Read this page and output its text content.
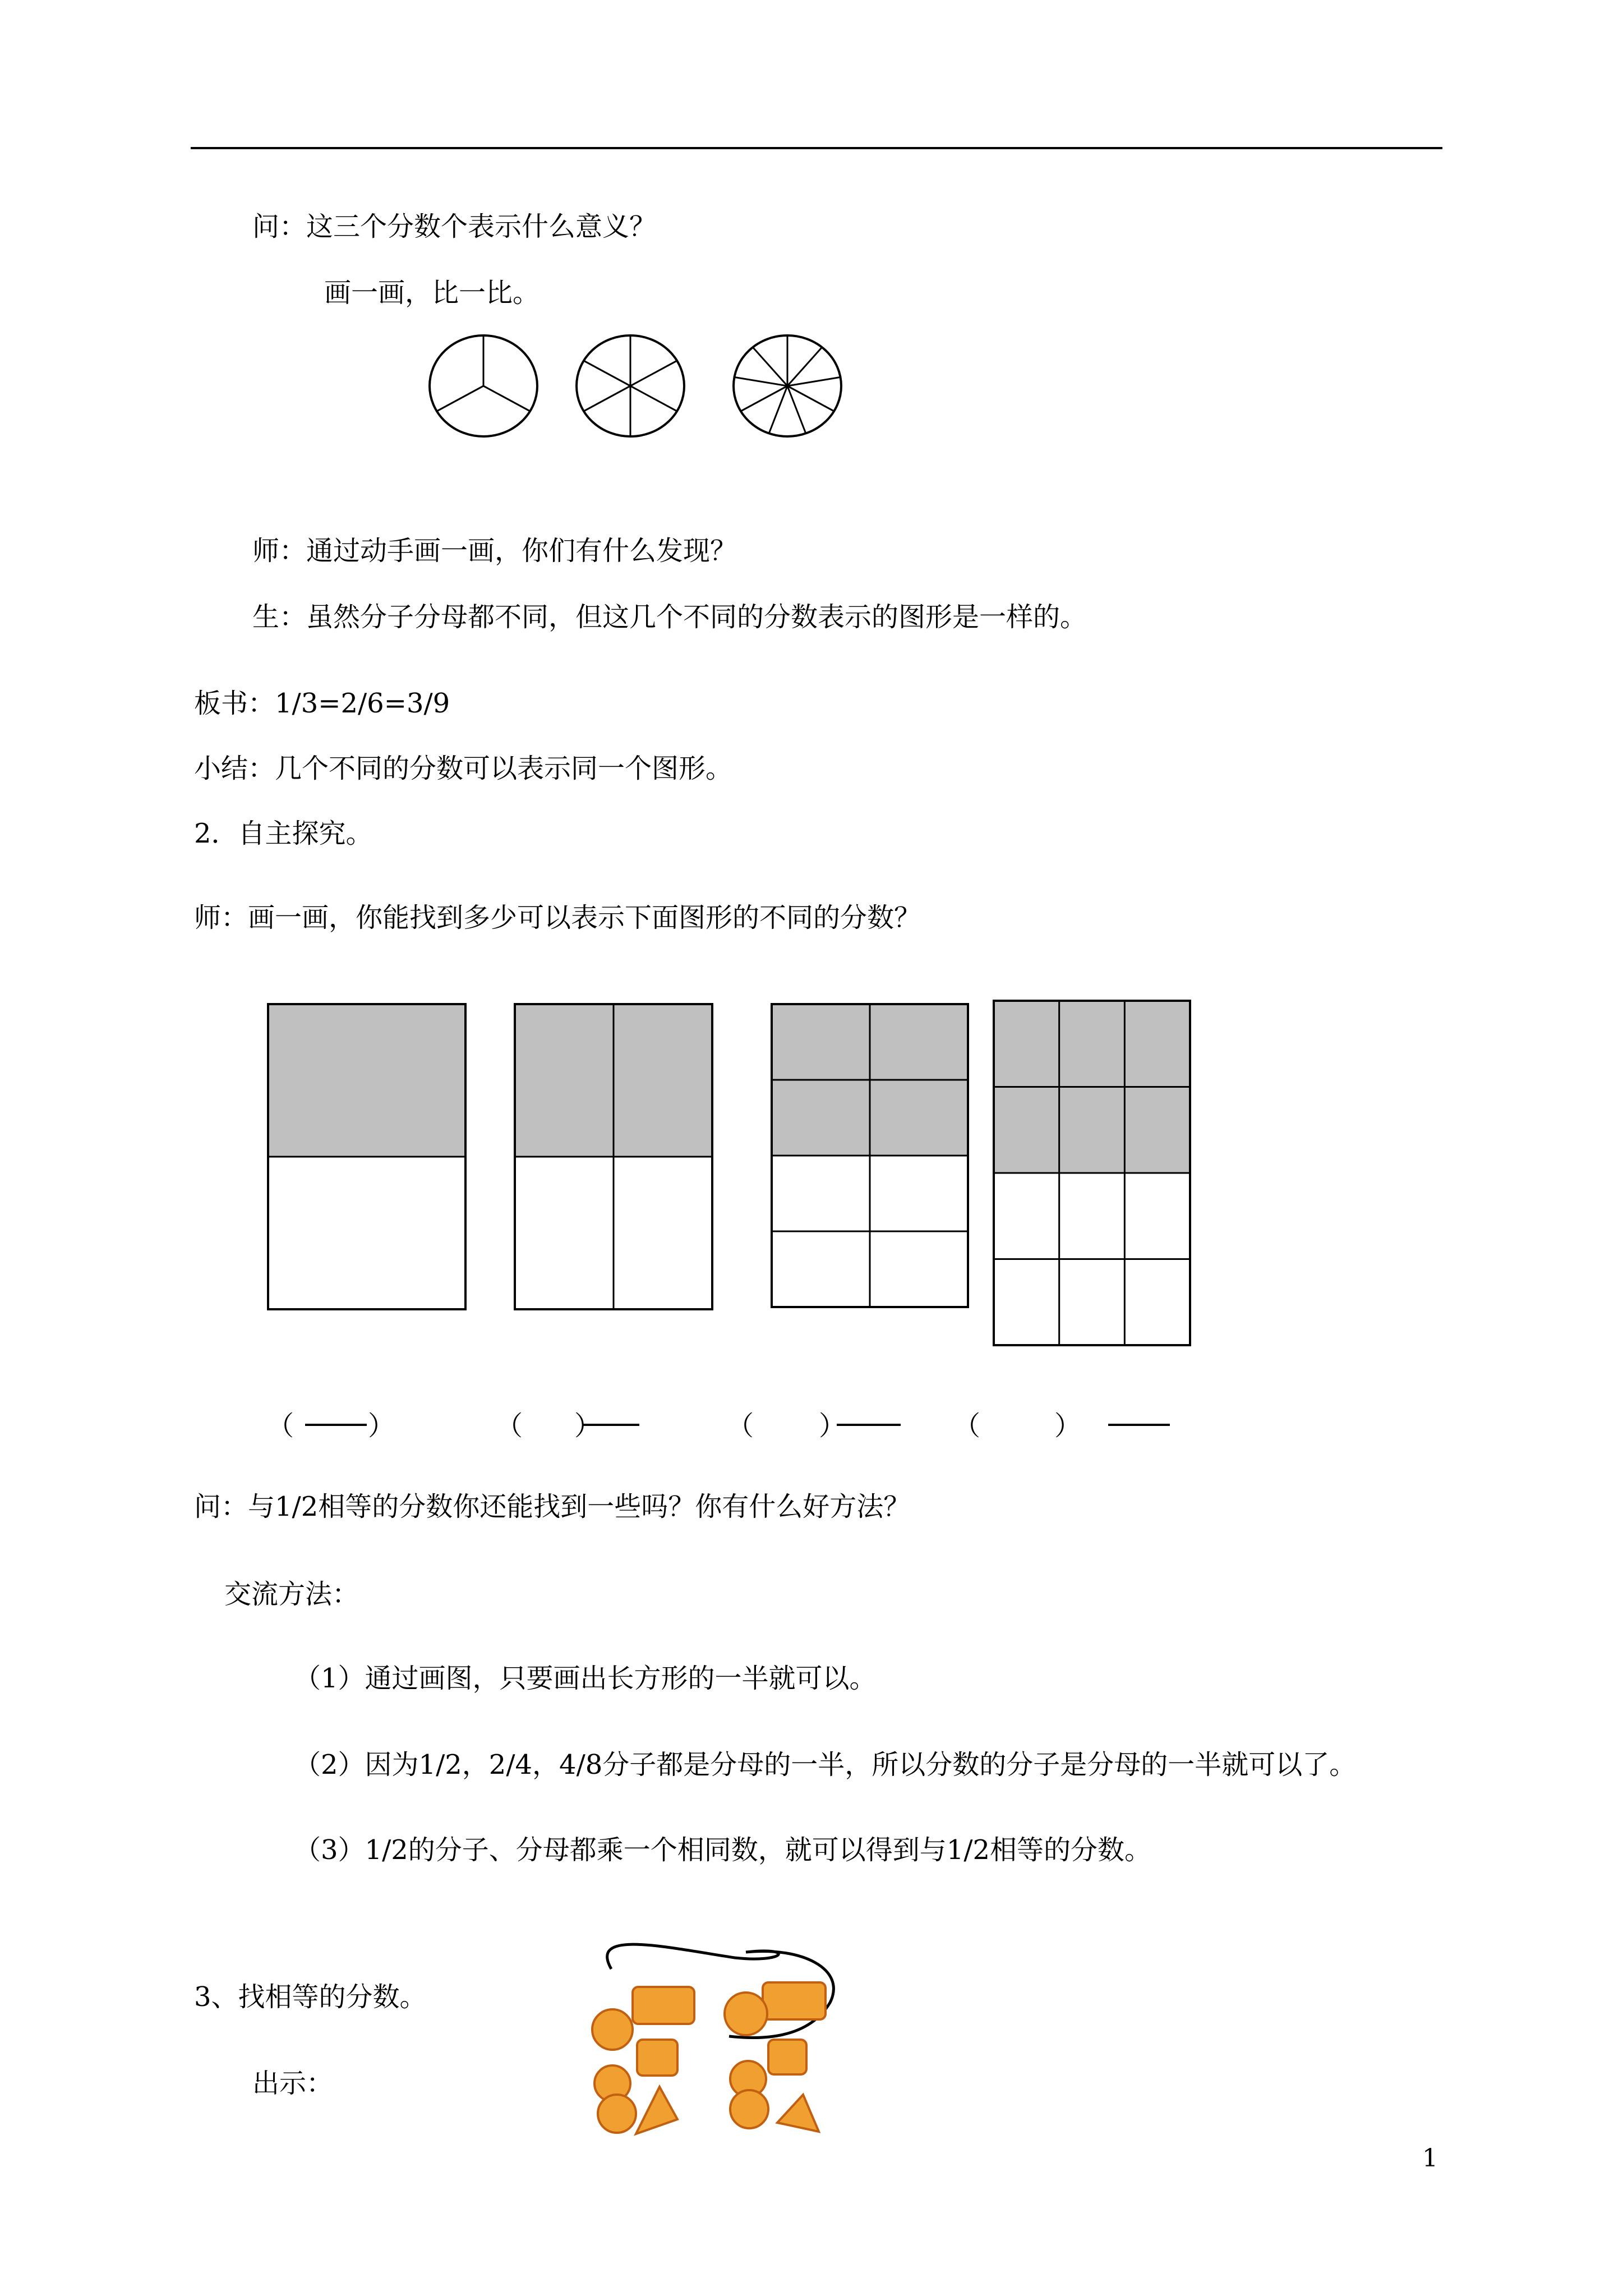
问：这三个分数个表示什么意义？
画一画，比一比。
师：通过动手画一画，你们有什么发现？
生：虽然分子分母都不同，但这几个不同的分数表示的图形是一样的。
板书：1/3=2/6=3/9
小结：几个不同的分数可以表示同一个图形。
2．自主探究。
师：画一画，你能找到多少可以表示下面图形的不同的分数？
（	）	（ ）	（ ）	（	）
问：与1/2相等的分数你还能找到一些吗？你有什么好方法？
交流方法：
（1）通过画图，只要画出长方形的一半就可以。
（2）因为1/2，2/4，4/8分子都是分母的一半，所以分数的分子是分母的一半就可以了。
（3）1/2的分子、分母都乘一个相同数，就可以得到与1/2相等的分数。
3、找相等的分数。
出示：
1
